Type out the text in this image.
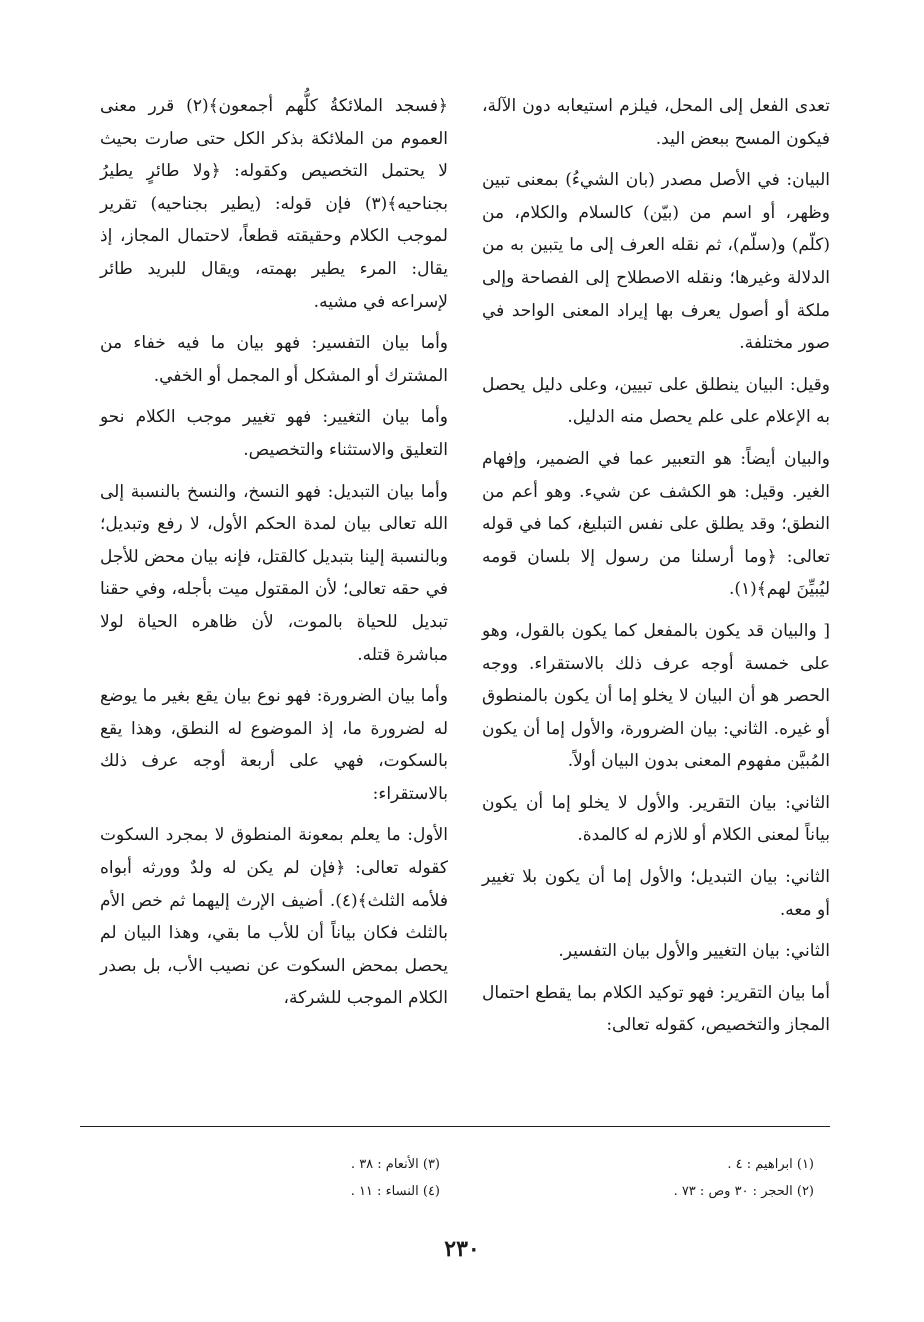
تعدى الفعل إلى المحل، فيلزم استيعابه دون الآلة، فيكون المسح ببعض اليد.

البيان: في الأصل مصدر (بان الشيءُ) بمعنى تبين وظهر، أو اسم من (بيّن) كالسلام والكلام، من (كلّم) و(سلّم)، ثم نقله العرف إلى ما يتبين به من الدلالة وغيرها؛ ونقله الاصطلاح إلى الفصاحة وإلى ملكة أو أصول يعرف بها إيراد المعنى الواحد في صور مختلفة.

وقيل: البيان ينطلق على تبيين، وعلى دليل يحصل به الإعلام على علم يحصل منه الدليل.

والبيان أيضاً: هو التعبير عما في الضمير، وإفهام الغير. وقيل: هو الكشف عن شيء. وهو أعم من النطق؛ وقد يطلق على نفس التبليغ، كما في قوله تعالى: ﴿وما أرسلنا من رسول إلا بلسان قومه ليُبيِّنَ لهم﴾(١).

[ والبيان قد يكون بالمفعل كما يكون بالقول، وهو على خمسة أوجه عرف ذلك بالاستقراء. ووجه الحصر هو أن البيان لا يخلو إما أن يكون بالمنطوق أو غيره. الثاني: بيان الضرورة، والأول إما أن يكون المُبيَّن مفهوم المعنى بدون البيان أولاً.

الثاني: بيان التقرير. والأول لا يخلو إما أن يكون بياناً لمعنى الكلام أو للازم له كالمدة.

الثاني: بيان التبديل؛ والأول إما أن يكون بلا تغيير أو معه.

الثاني: بيان التغيير والأول بيان التفسير.

أما بيان التقرير: فهو توكيد الكلام بما يقطع احتمال المجاز والتخصيص، كقوله تعالى:

﴿فسجد الملائكةُ كلُّهم أجمعون﴾(٢) قرر معنى العموم من الملائكة بذكر الكل حتى صارت بحيث لا يحتمل التخصيص وكقوله: ﴿ولا طائرٍ يطيرُ بجناحيه﴾(٣) فإن قوله: (يطير بجناحيه) تقرير لموجب الكلام وحقيقته قطعاً، لاحتمال المجاز، إذ يقال: المرء يطير بهمته، ويقال للبريد طائر لإسراعه في مشيه.

وأما بيان التفسير: فهو بيان ما فيه خفاء من المشترك أو المشكل أو المجمل أو الخفي.

وأما بيان التغيير: فهو تغيير موجب الكلام نحو التعليق والاستثناء والتخصيص.

وأما بيان التبديل: فهو النسخ، والنسخ بالنسبة إلى الله تعالى بيان لمدة الحكم الأول، لا رفع وتبديل؛ وبالنسبة إلينا بتبديل كالقتل، فإنه بيان محض للأجل في حقه تعالى؛ لأن المقتول ميت بأجله، وفي حقنا تبديل للحياة بالموت، لأن ظاهره الحياة لولا مباشرة قتله.

وأما بيان الضرورة: فهو نوع بيان يقع بغير ما يوضع له لضرورة ما، إذ الموضوع له النطق، وهذا يقع بالسكوت، فهي على أربعة أوجه عرف ذلك بالاستقراء:

الأول: ما يعلم بمعونة المنطوق لا بمجرد السكوت كقوله تعالى: ﴿فإن لم يكن له ولدٌ وورثه أبواه فلأمه الثلث﴾(٤). أضيف الإرث إليهما ثم خص الأم بالثلث فكان بياناً أن للأب ما بقي، وهذا البيان لم يحصل بمحض السكوت عن نصيب الأب، بل بصدر الكلام الموجب للشركة،

(١) ابراهيم : ٤ .
(٢) الحجر : ٣٠ وص : ٧٣ .
(٣) الأنعام : ٣٨ .
(٤) النساء : ١١ .
٢٣٠
